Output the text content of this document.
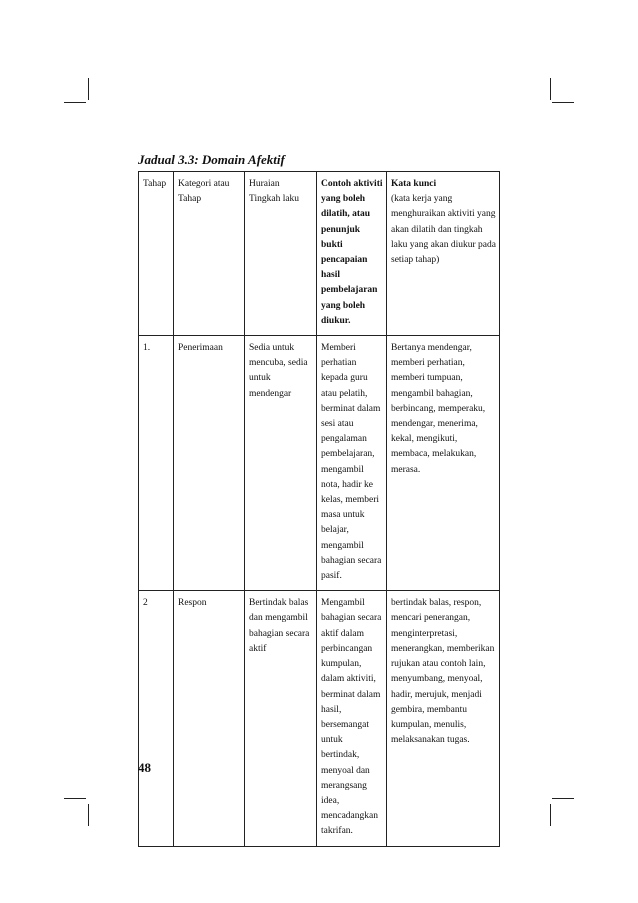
Jadual 3.3: Domain Afektif

Tahap	Kategori atau Tahap	Huraian Tingkah laku	Contoh aktiviti yang boleh dilatih, atau penunjuk bukti pencapaian hasil pembelajaran yang boleh diukur.	Kata kunci
(kata kerja yang menghuraikan aktiviti yang akan dilatih dan tingkah laku yang akan diukur pada setiap tahap)
1.	Penerimaan	Sedia untuk mencuba, sedia untuk mendengar	Memberi perhatian kepada guru atau pelatih, berminat dalam sesi atau pengalaman pembelajaran, mengambil nota, hadir ke kelas, memberi masa untuk belajar, mengambil bahagian secara pasif.	Bertanya mendengar, memberi perhatian, memberi tumpuan, mengambil bahagian, berbincang, memperaku, mendengar, menerima, kekal, mengikuti, membaca, melakukan, merasa.
2	Respon	Bertindak balas dan mengambil bahagian secara aktif	Mengambil bahagian secara aktif dalam perbincangan kumpulan, dalam aktiviti, berminat dalam hasil, bersemangat untuk bertindak, menyoal dan merangsang idea, mencadangkan takrifan.	bertindak balas, respon, mencari penerangan, menginterpretasi, menerangkan, memberikan rujukan atau contoh lain, menyumbang, menyoal, hadir, merujuk, menjadi gembira, membantu kumpulan, menulis, melaksanakan tugas.

48
